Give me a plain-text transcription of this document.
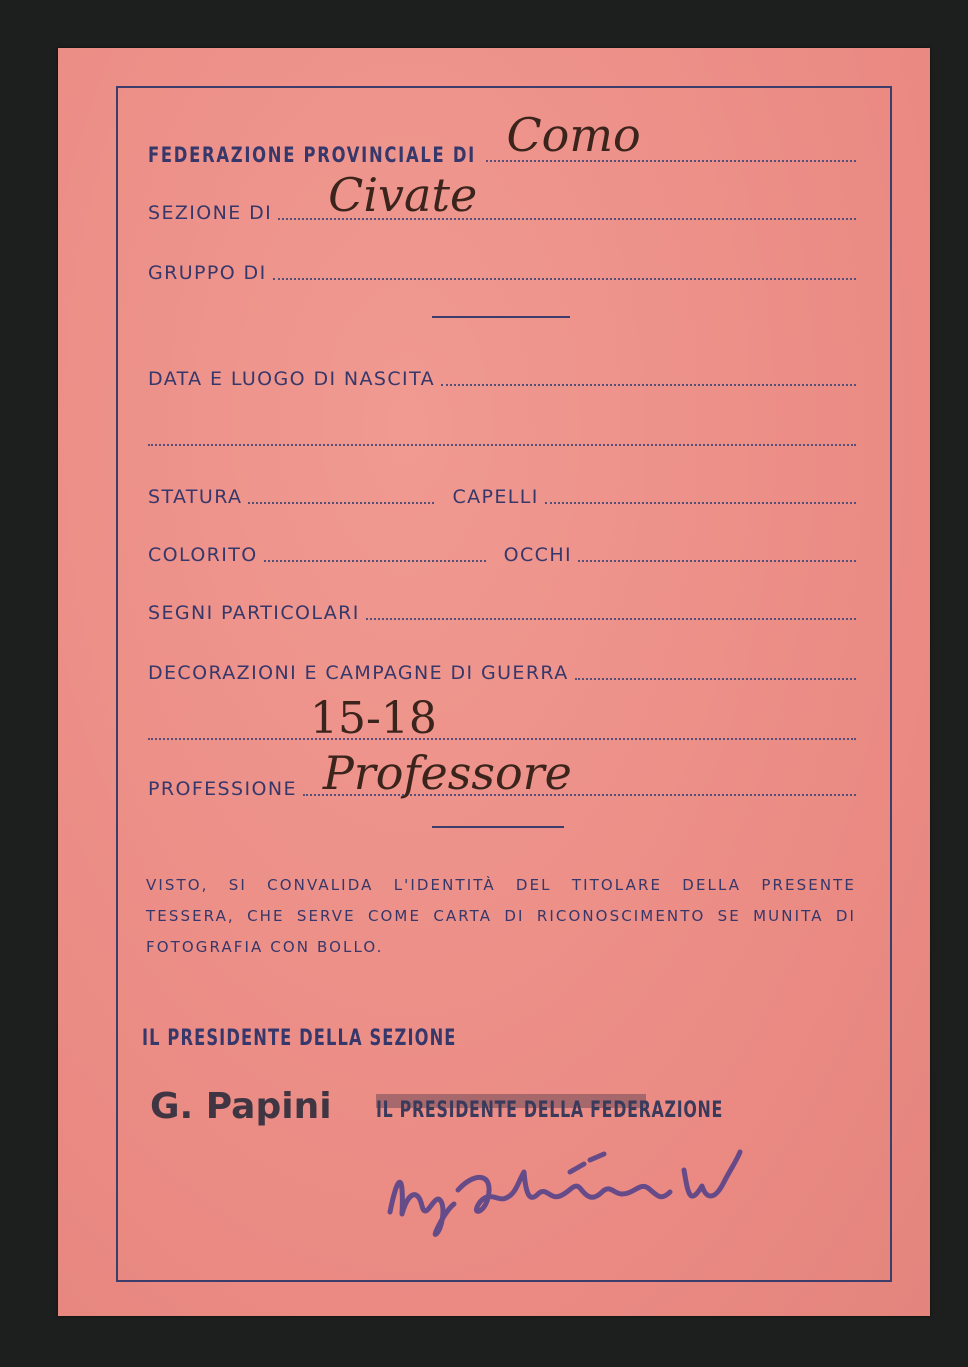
FEDERAZIONE PROVINCIALE DI Como
SEZIONE DI Civate
GRUPPO DI
DATA E LUOGO DI NASCITA
STATURA	CAPELLI
COLORITO	OCCHI
SEGNI PARTICOLARI
DECORAZIONI E CAMPAGNE DI GUERRA
15-18
PROFESSIONE Professore
VISTO, SI CONVALIDA L'IDENTITÀ DEL TITOLARE DELLA PRESENTE TESSERA, CHE SERVE COME CARTA DI RICONOSCIMENTO SE MUNITA DI FOTOGRAFIA CON BOLLO.
IL PRESIDENTE DELLA SEZIONE
G. Papini IL PRESIDENTE DELLA FEDERAZIONE
